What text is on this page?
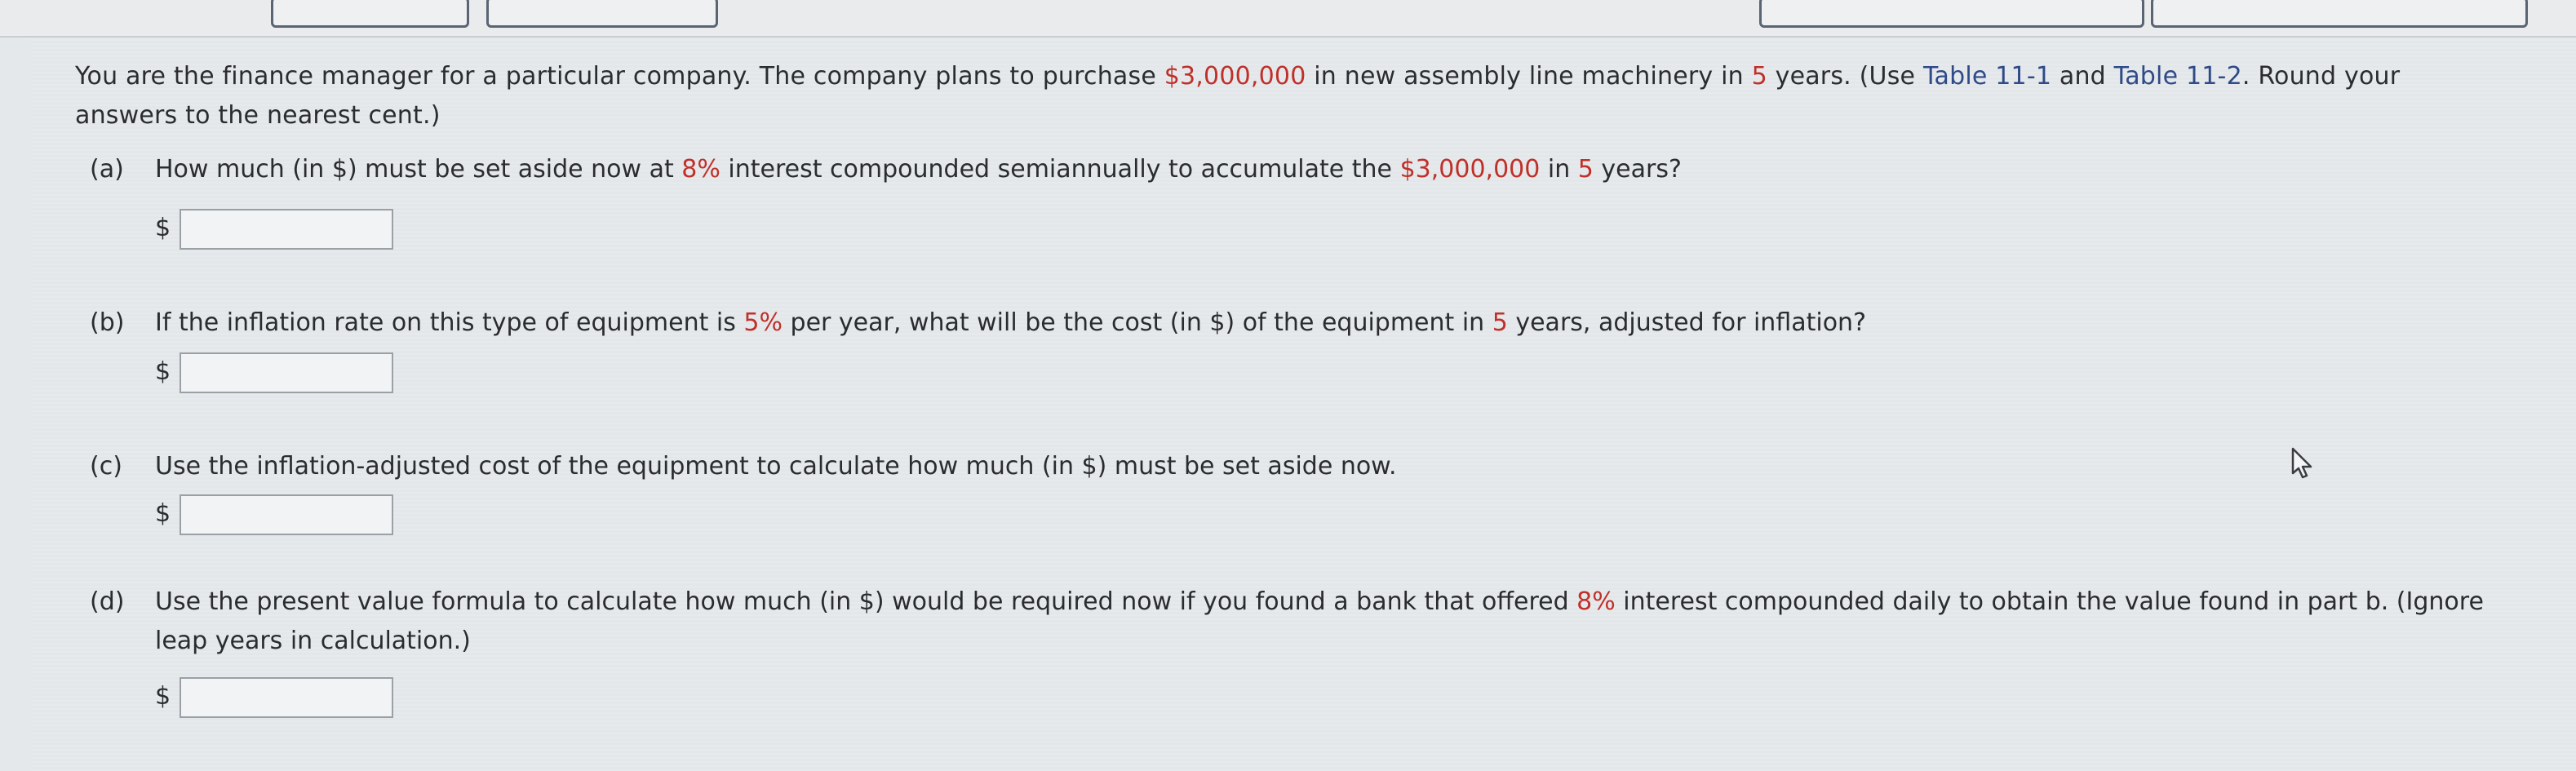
You are the finance manager for a particular company. The company plans to purchase $3,000,000 in new assembly line machinery in 5 years. (Use Table 11-1 and Table 11-2. Round your answers to the nearest cent.)
(a) How much (in $) must be set aside now at 8% interest compounded semiannually to accumulate the $3,000,000 in 5 years?
$
(b) If the inflation rate on this type of equipment is 5% per year, what will be the cost (in $) of the equipment in 5 years, adjusted for inflation?
$
(c) Use the inflation-adjusted cost of the equipment to calculate how much (in $) must be set aside now.
$
(d) Use the present value formula to calculate how much (in $) would be required now if you found a bank that offered 8% interest compounded daily to obtain the value found in part b. (Ignore leap years in calculation.)
$
